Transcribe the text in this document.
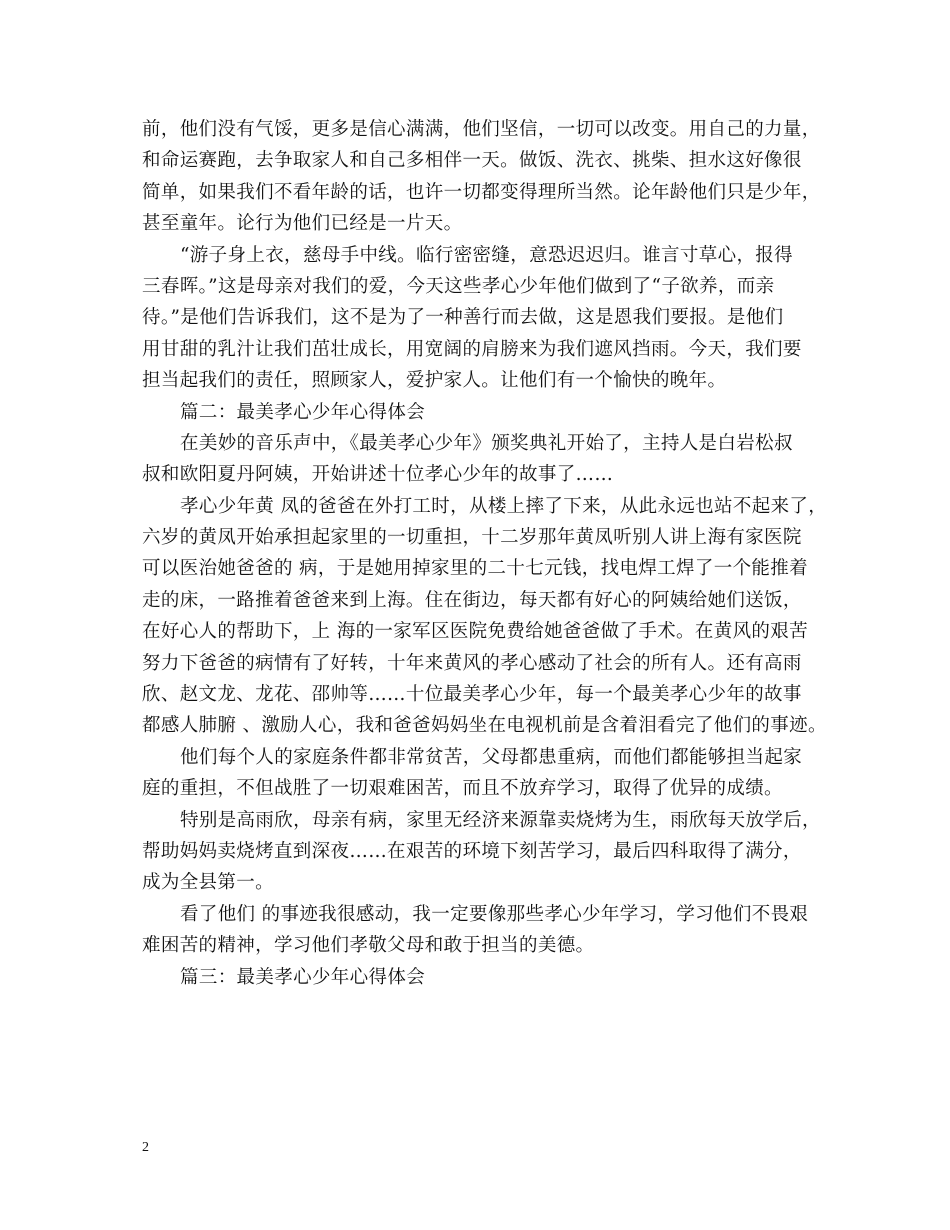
前，他们没有气馁，更多是信心满满，他们坚信，一切可以改变。用自己的力量，
和命运赛跑，去争取家人和自己多相伴一天。做饭、洗衣、挑柴、担水这好像很
简单，如果我们不看年龄的话，也许一切都变得理所当然。论年龄他们只是少年，
甚至童年。论行为他们已经是一片天。
“游子身上衣，慈母手中线。临行密密缝，意恐迟迟归。谁言寸草心，报得
三春晖。”这是母亲对我们的爱，今天这些孝心少年他们做到了“子欲养，而亲
待。”是他们告诉我们，这不是为了一种善行而去做，这是恩我们要报。是他们
用甘甜的乳汁让我们茁壮成长，用宽阔的肩膀来为我们遮风挡雨。今天，我们要
担当起我们的责任，照顾家人，爱护家人。让他们有一个愉快的晚年。
篇二：最美孝心少年心得体会
在美妙的音乐声中，《最美孝心少年》颁奖典礼开始了，主持人是白岩松叔
叔和欧阳夏丹阿姨，开始讲述十位孝心少年的故事了……
孝心少年黄 凤的爸爸在外打工时，从楼上摔了下来，从此永远也站不起来了，
六岁的黄凤开始承担起家里的一切重担，十二岁那年黄凤听别人讲上海有家医院
可以医治她爸爸的 病，于是她用掉家里的二十七元钱，找电焊工焊了一个能推着
走的床，一路推着爸爸来到上海。住在街边，每天都有好心的阿姨给她们送饭，
在好心人的帮助下，上 海的一家军区医院免费给她爸爸做了手术。在黄风的艰苦
努力下爸爸的病情有了好转，十年来黄风的孝心感动了社会的所有人。还有高雨
欣、赵文龙、龙花、邵帅等……十位最美孝心少年，每一个最美孝心少年的故事
都感人肺腑 、激励人心，我和爸爸妈妈坐在电视机前是含着泪看完了他们的事迹。
他们每个人的家庭条件都非常贫苦，父母都患重病，而他们都能够担当起家
庭的重担，不但战胜了一切艰难困苦，而且不放弃学习，取得了优异的成绩。
特别是高雨欣，母亲有病，家里无经济来源靠卖烧烤为生，雨欣每天放学后，
帮助妈妈卖烧烤直到深夜……在艰苦的环境下刻苦学习，最后四科取得了满分，
成为全县第一。
看了他们 的事迹我很感动，我一定要像那些孝心少年学习，学习他们不畏艰
难困苦的精神，学习他们孝敬父母和敢于担当的美德。
篇三：最美孝心少年心得体会
2
